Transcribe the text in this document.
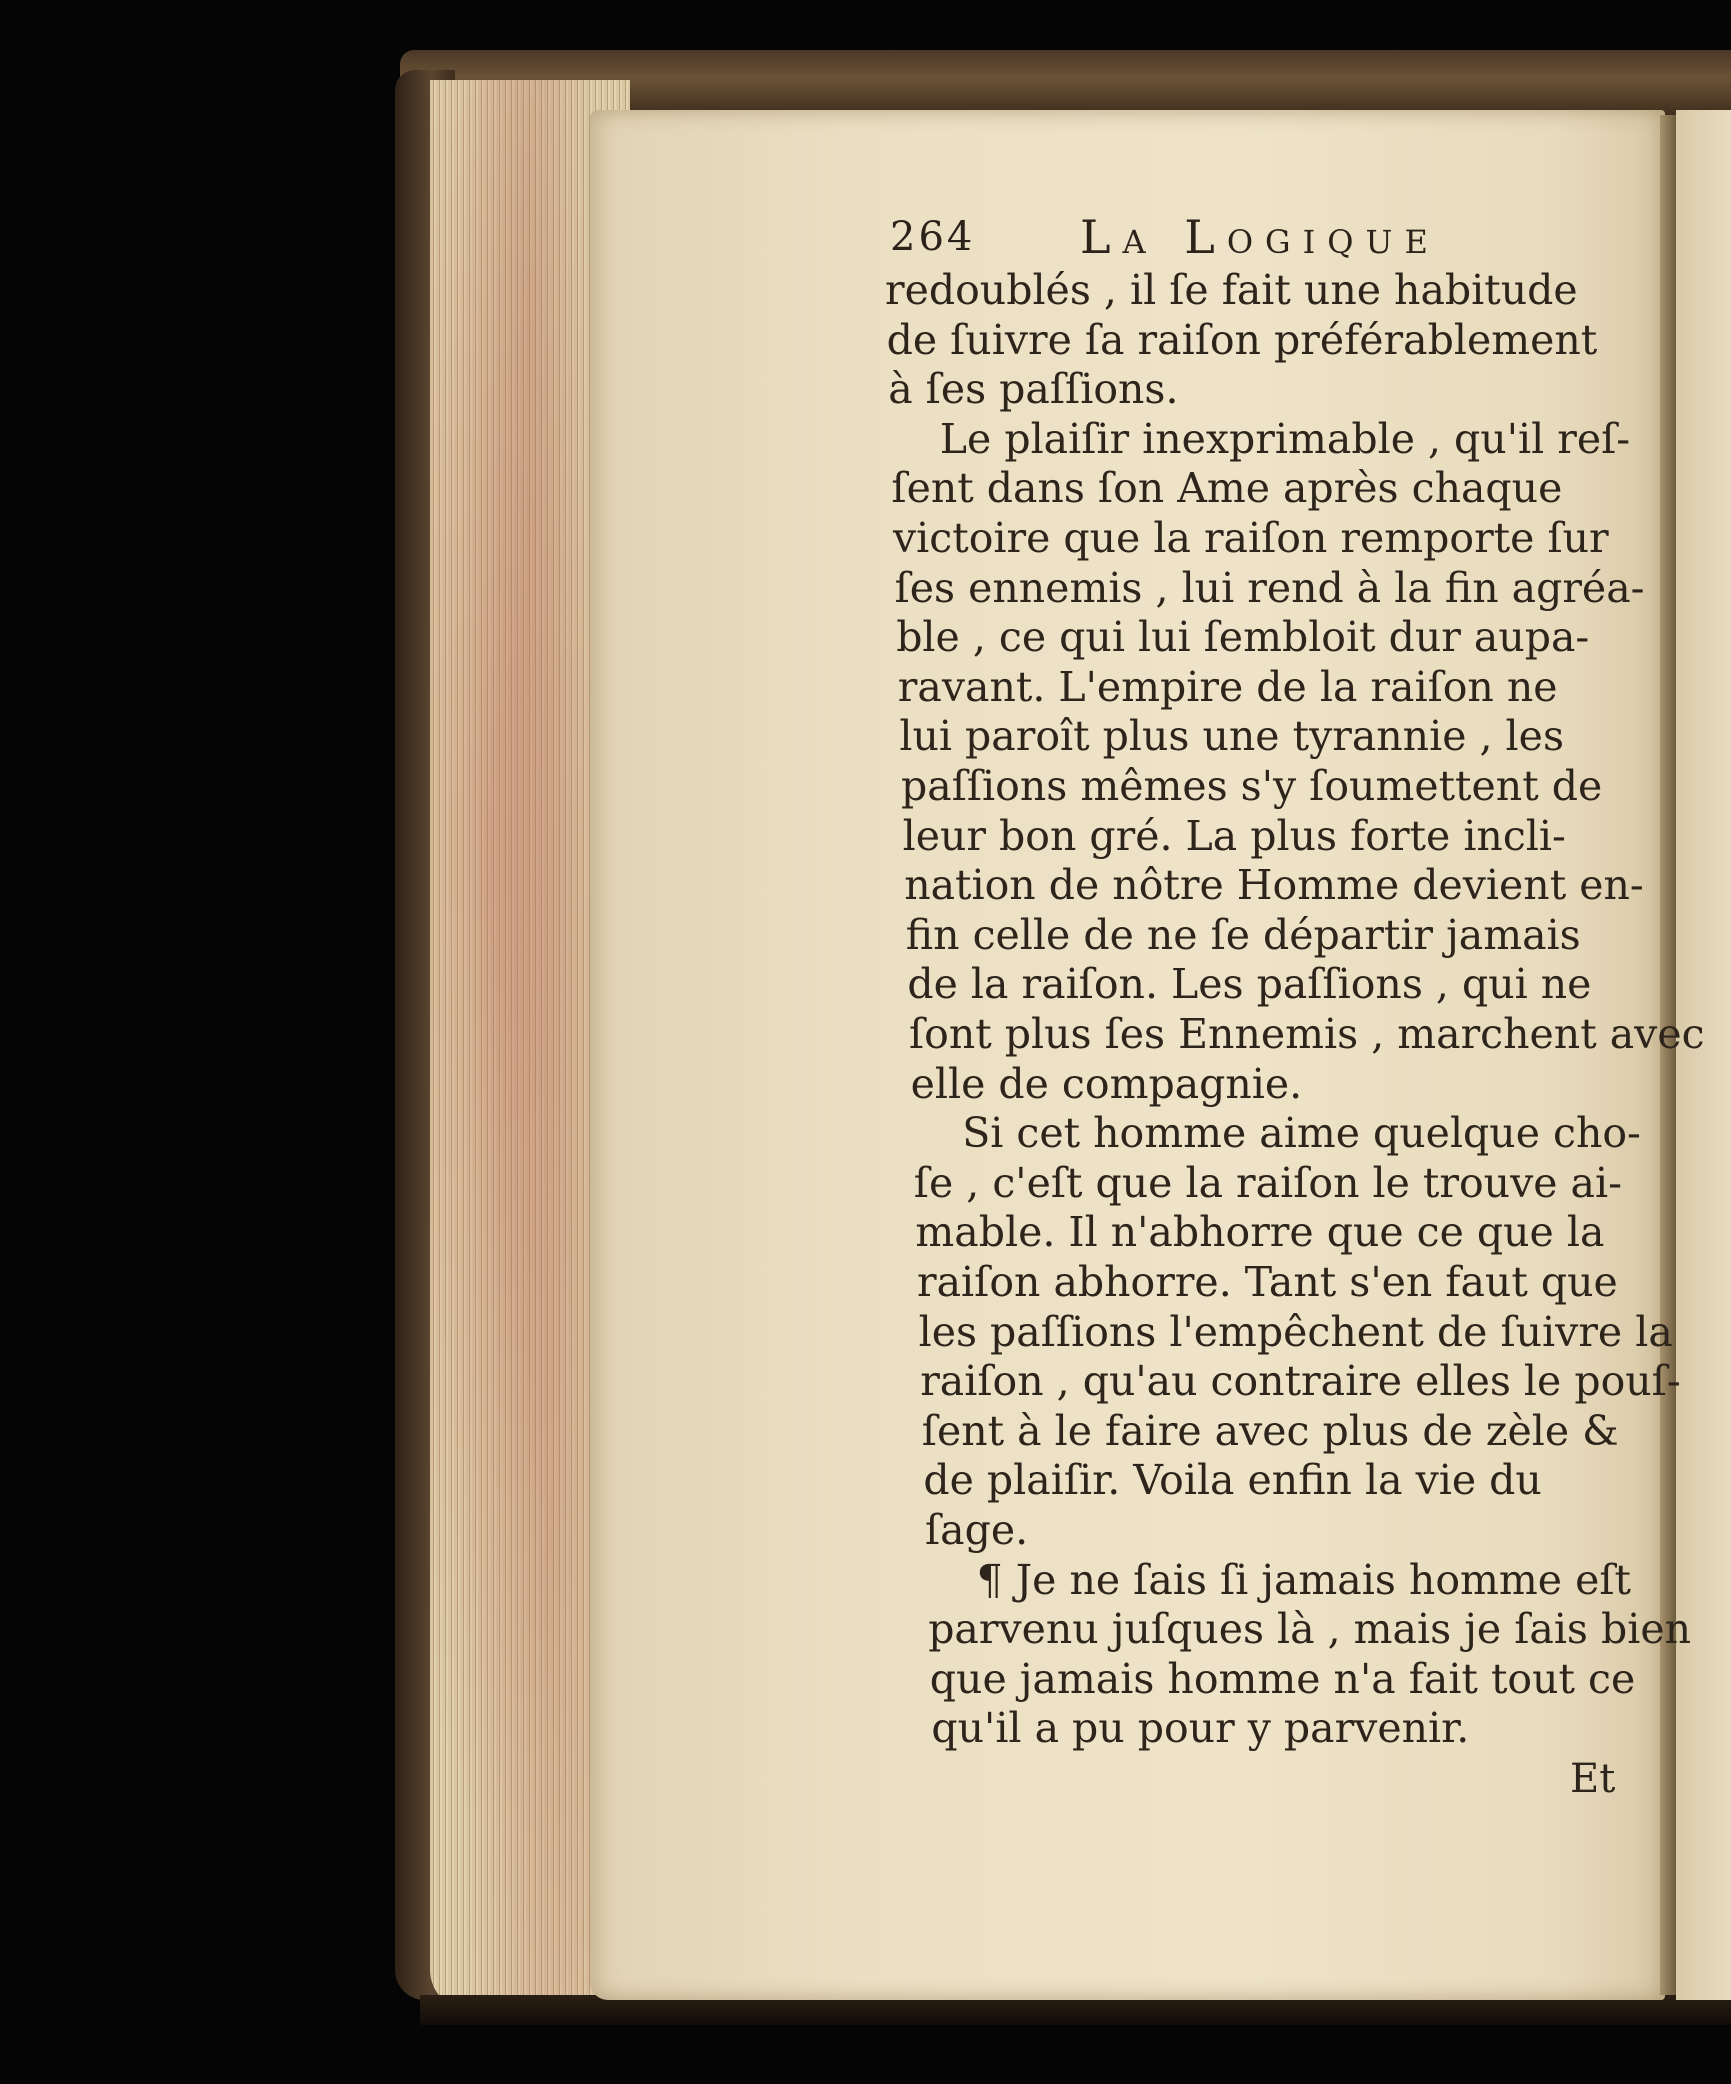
264 La Logique
redoublés , il ſe fait une habitude
de ſuivre ſa raiſon préférablement
à ſes paſſions.
Le plaiſir inexprimable , qu'il reſ-
ſent dans ſon Ame après chaque
victoire que la raiſon remporte ſur
ſes ennemis , lui rend à la fin agréa-
ble , ce qui lui ſembloit dur aupa-
ravant. L'empire de la raiſon ne
lui paroît plus une tyrannie , les
paſſions mêmes s'y ſoumettent de
leur bon gré. La plus forte incli-
nation de nôtre Homme devient en-
fin celle de ne ſe départir jamais
de la raiſon. Les paſſions , qui ne
ſont plus ſes Ennemis , marchent avec
elle de compagnie.
Si cet homme aime quelque cho-
ſe , c'eſt que la raiſon le trouve ai-
mable. Il n'abhorre que ce que la
raiſon abhorre. Tant s'en faut que
les paſſions l'empêchent de ſuivre la
raiſon , qu'au contraire elles le pouſ-
ſent à le faire avec plus de zèle &
de plaiſir. Voila enfin la vie du
ſage.
¶ Je ne ſais ſi jamais homme eſt
parvenu juſques là , mais je ſais bien
que jamais homme n'a fait tout ce
qu'il a pu pour y parvenir.
Et
